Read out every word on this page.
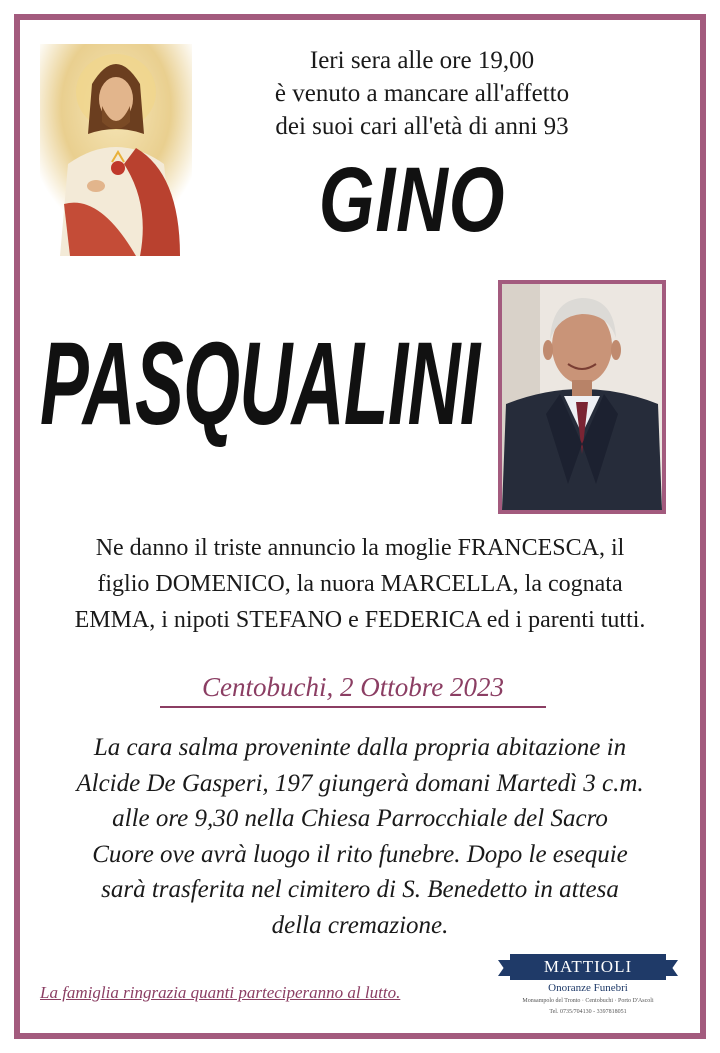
Ieri sera alle ore 19,00
è venuto a mancare all'affetto
dei suoi cari all'età di anni 93
GINO
PASQUALINI
Ne danno il triste annuncio la moglie FRANCESCA, il
figlio DOMENICO, la nuora MARCELLA, la cognata
EMMA, i nipoti STEFANO e FEDERICA ed i parenti tutti.
Centobuchi, 2 Ottobre 2023
La cara salma proveninte dalla propria abitazione in
Alcide De Gasperi, 197 giungerà domani Martedì 3 c.m.
alle ore 9,30 nella Chiesa Parrocchiale del Sacro
Cuore ove avrà luogo il rito funebre. Dopo le esequie
sarà trasferita nel cimitero di S. Benedetto in attesa
della cremazione.
La famiglia ringrazia quanti parteciperanno al lutto.
MATTIOLI
Onoranze Funebri
Monsampolo del Tronto · Centobuchi · Porto D'Ascoli
Tel. 0735/704130 - 3397818051
